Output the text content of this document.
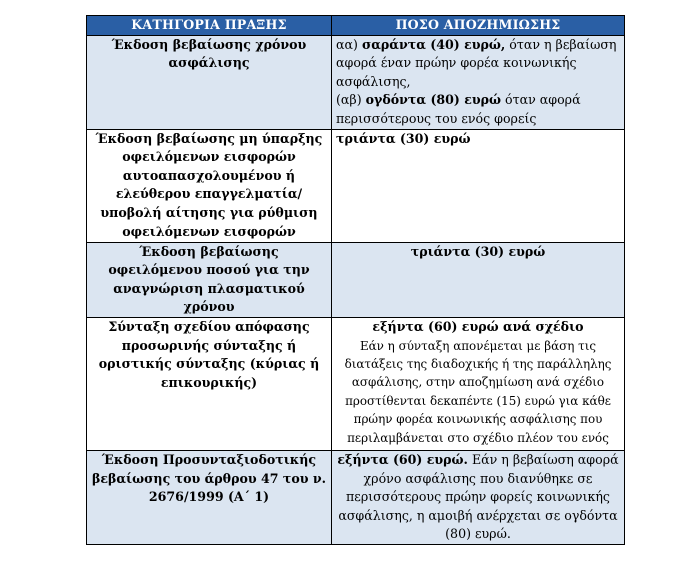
ΚΑΤΗΓΟΡΙΑ ΠΡΑΞΗΣ	ΠΟΣΟ ΑΠΟΖΗΜΙΩΣΗΣ
Έκδοση βεβαίωσης χρόνου ασφάλισης	αα) σαράντα (40) ευρώ, όταν η βεβαίωση αφορά έναν πρώην φορέα κοινωνικής ασφάλισης,
(αβ) ογδόντα (80) ευρώ όταν αφορά περισσότερους του ενός φορείς
Έκδοση βεβαίωσης μη ύπαρξης οφειλόμενων εισφορών αυτοαπασχολουμένου ή ελεύθερου επαγγελματία/ υποβολή αίτησης για ρύθμιση οφειλόμενων εισφορών	τριάντα (30) ευρώ
Έκδοση βεβαίωσης οφειλόμενου ποσού για την αναγνώριση πλασματικού χρόνου	τριάντα (30) ευρώ
Σύνταξη σχεδίου απόφασης προσωρινής σύνταξης ή οριστικής σύνταξης (κύριας ή επικουρικής)	εξήντα (60) ευρώ ανά σχέδιο
Εάν η σύνταξη απονέμεται με βάση τις διατάξεις της διαδοχικής ή της παράλληλης ασφάλισης, στην αποζημίωση ανά σχέδιο προστίθενται δεκαπέντε (15) ευρώ για κάθε πρώην φορέα κοινωνικής ασφάλισης που περιλαμβάνεται στο σχέδιο πλέον του ενός

Έκδοση Προσυνταξιοδοτικής βεβαίωσης του άρθρου 47 του ν. 2676/1999 (Α΄ 1)	εξήντα (60) ευρώ. Εάν η βεβαίωση αφορά χρόνο ασφάλισης που διανύθηκε σε περισσότερους πρώην φορείς κοινωνικής ασφάλισης, η αμοιβή ανέρχεται σε ογδόντα (80) ευρώ.
